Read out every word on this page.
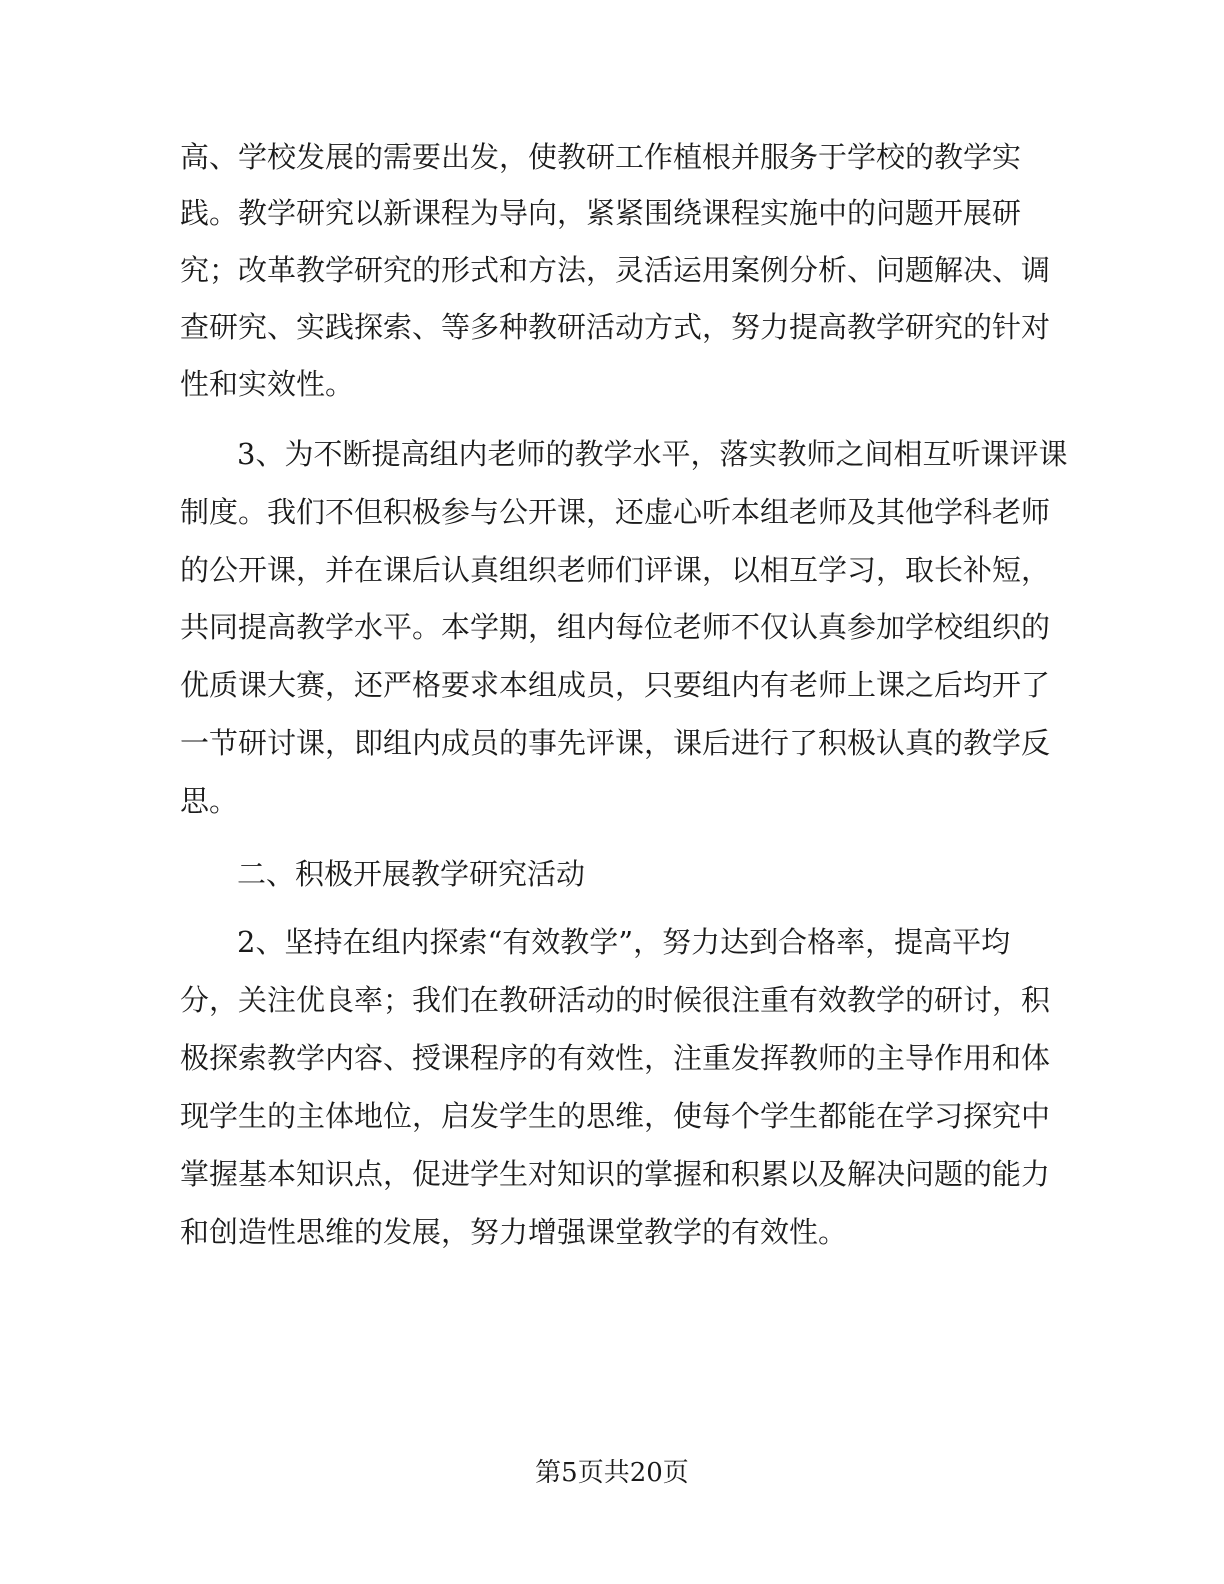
高、学校发展的需要出发，使教研工作植根并服务于学校的教学实
践。教学研究以新课程为导向，紧紧围绕课程实施中的问题开展研
究；改革教学研究的形式和方法，灵活运用案例分析、问题解决、调
查研究、实践探索、等多种教研活动方式，努力提高教学研究的针对
性和实效性。
3、为不断提高组内老师的教学水平，落实教师之间相互听课评课
制度。我们不但积极参与公开课，还虚心听本组老师及其他学科老师
的公开课，并在课后认真组织老师们评课，以相互学习，取长补短，
共同提高教学水平。本学期，组内每位老师不仅认真参加学校组织的
优质课大赛，还严格要求本组成员，只要组内有老师上课之后均开了
一节研讨课，即组内成员的事先评课，课后进行了积极认真的教学反
思。
二、积极开展教学研究活动
2、坚持在组内探索“有效教学”，努力达到合格率，提高平均
分，关注优良率；我们在教研活动的时候很注重有效教学的研讨，积
极探索教学内容、授课程序的有效性，注重发挥教师的主导作用和体
现学生的主体地位，启发学生的思维，使每个学生都能在学习探究中
掌握基本知识点，促进学生对知识的掌握和积累以及解决问题的能力
和创造性思维的发展，努力增强课堂教学的有效性。
第5页共20页
